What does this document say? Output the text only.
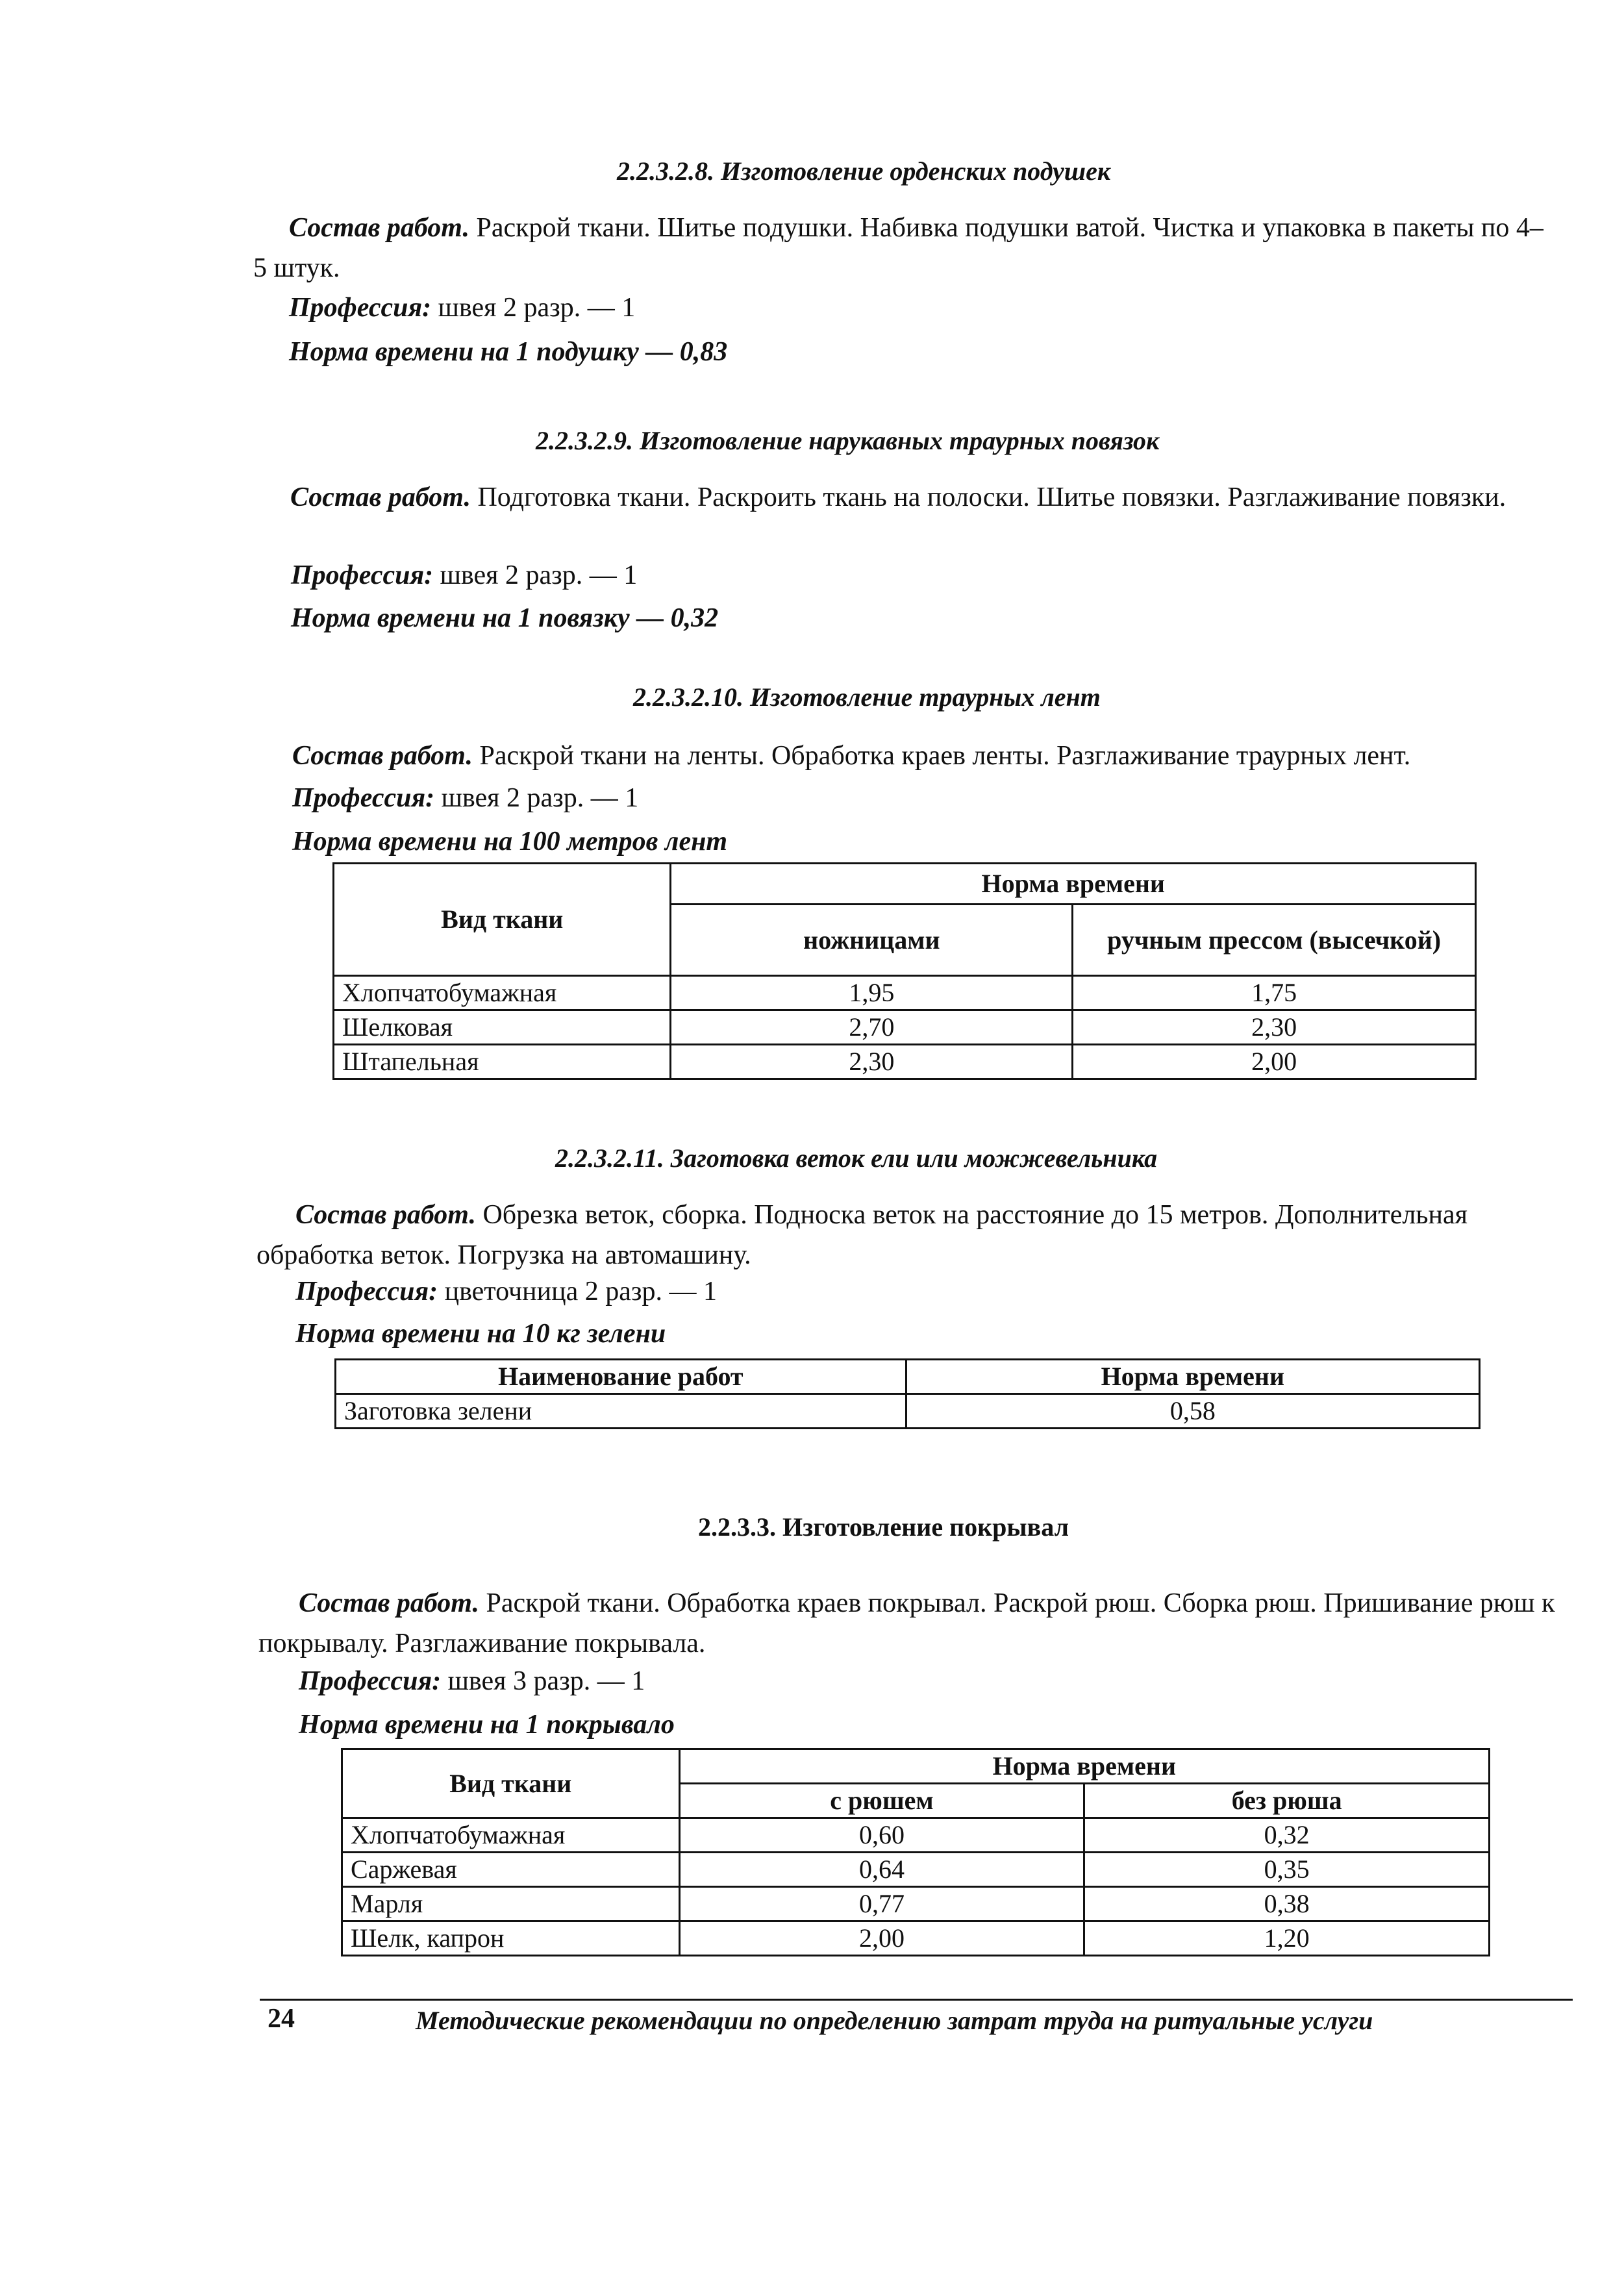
2.2.3.2.8. Изготовление орденских подушек
Состав работ. Раскрой ткани. Шитье подушки. Набивка подушки ватой. Чистка и упаковка в пакеты по 4–5 штук.
Профессия: швея 2 разр. — 1
Норма времени на 1 подушку — 0,83
2.2.3.2.9. Изготовление нарукавных траурных повязок
Состав работ. Подготовка ткани. Раскроить ткань на полоски. Шитье повязки. Разглаживание повязки.
Профессия: швея 2 разр. — 1
Норма времени на 1 повязку — 0,32
2.2.3.2.10. Изготовление траурных лент
Состав работ. Раскрой ткани на ленты. Обработка краев ленты. Разглаживание траурных лент.
Профессия: швея 2 разр. — 1
Норма времени на 100 метров лент
Вид ткани	Норма времени	
	ножницами	ручным прессом (высечкой)
Хлопчатобумажная	1,95	1,75
Шелковая	2,70	2,30
Штапельная	2,30	2,00
2.2.3.2.11. Заготовка веток ели или можжевельника
Состав работ. Обрезка веток, сборка. Поднoска веток на расстояние до 15 метров. Дополнительная обработка веток. Погрузка на автомашину.
Профессия: цветочница 2 разр. — 1
Норма времени на 10 кг зелени
Наименование работ	Норма времени
Заготовка зелени	0,58
2.2.3.3. Изготовление покрывал
Состав работ. Раскрой ткани. Обработка краев покрывал. Раскрой рюш. Сборка рюш. Пришивание рюш к покрывалу. Разглаживание покрывала.
Профессия: швея 3 разр. — 1
Норма времени на 1 покрывало
Вид ткани	Норма времени	
	с рюшем	без рюша
Хлопчатобумажная	0,60	0,32
Саржевая	0,64	0,35
Марля	0,77	0,38
Шелк, капрон	2,00	1,20
24	Методические рекомендации по определению затрат труда на ритуальные услуги
